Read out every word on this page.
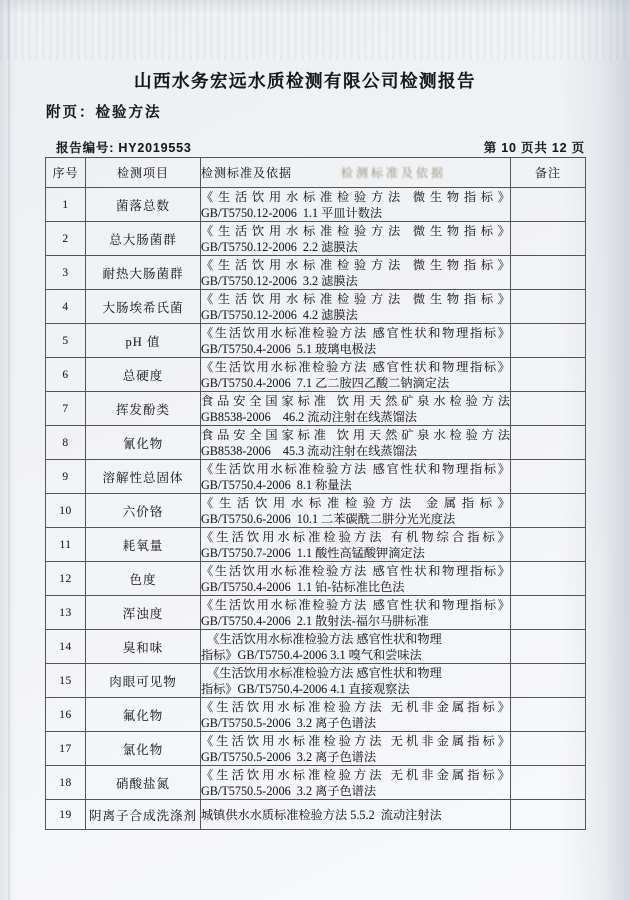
山西水务宏远水质检测有限公司检测报告
附页：检验方法
报告编号: HY2019553	第 10 页共 12 页
序号	检测项目	检测标准及依据 检测标准及依据	备注
1	菌落总数	《生活饮用水标准检验方法 微生物指标》
GB/T5750.12-2006  1.1 平皿计数法	

2	总大肠菌群	《生活饮用水标准检验方法 微生物指标》
GB/T5750.12-2006  2.2 滤膜法	

3	耐热大肠菌群	《生活饮用水标准检验方法 微生物指标》
GB/T5750.12-2006  3.2 滤膜法	

4	大肠埃希氏菌	《生活饮用水标准检验方法 微生物指标》
GB/T5750.12-2006  4.2 滤膜法	

5	pH 值	《生活饮用水标准检验方法 感官性状和物理指标》
GB/T5750.4-2006  5.1 玻璃电极法	

6	总硬度	《生活饮用水标准检验方法 感官性状和物理指标》
GB/T5750.4-2006  7.1 乙二胺四乙酸二钠滴定法	

7	挥发酚类	食品安全国家标准 饮用天然矿泉水检验方法
GB8538-2006    46.2 流动注射在线蒸馏法	

8	氰化物	食品安全国家标准 饮用天然矿泉水检验方法
GB8538-2006    45.3 流动注射在线蒸馏法	

9	溶解性总固体	《生活饮用水标准检验方法 感官性状和物理指标》
GB/T5750.4-2006  8.1 称量法	

10	六价铬	《生活饮用水标准检验方法 金属指标》
GB/T5750.6-2006  10.1 二苯碳酰二肼分光光度法	

11	耗氧量	《生活饮用水标准检验方法 有机物综合指标》
GB/T5750.7-2006  1.1 酸性高锰酸钾滴定法	

12	色度	《生活饮用水标准检验方法 感官性状和物理指标》
GB/T5750.4-2006  1.1 铂-钴标准比色法	

13	浑浊度	《生活饮用水标准检验方法 感官性状和物理指标》
GB/T5750.4-2006  2.1 散射法-福尔马肼标准	

14	臭和味	　《生活饮用水标准检验方法 感官性状和物理
指标》GB/T5750.4-2006 3.1 嗅气和尝味法	

15	肉眼可见物	　《生活饮用水标准检验方法 感官性状和物理
指标》GB/T5750.4-2006 4.1 直接观察法	

16	氟化物	《生活饮用水标准检验方法 无机非金属指标》
GB/T5750.5-2006  3.2 离子色谱法	

17	氯化物	《生活饮用水标准检验方法 无机非金属指标》
GB/T5750.5-2006  3.2 离子色谱法	

18	硝酸盐氮	《生活饮用水标准检验方法 无机非金属指标》
GB/T5750.5-2006  3.2 离子色谱法	

19	阴离子合成洗涤剂	城镇供水水质标准检验方法 5.5.2  流动注射法	
